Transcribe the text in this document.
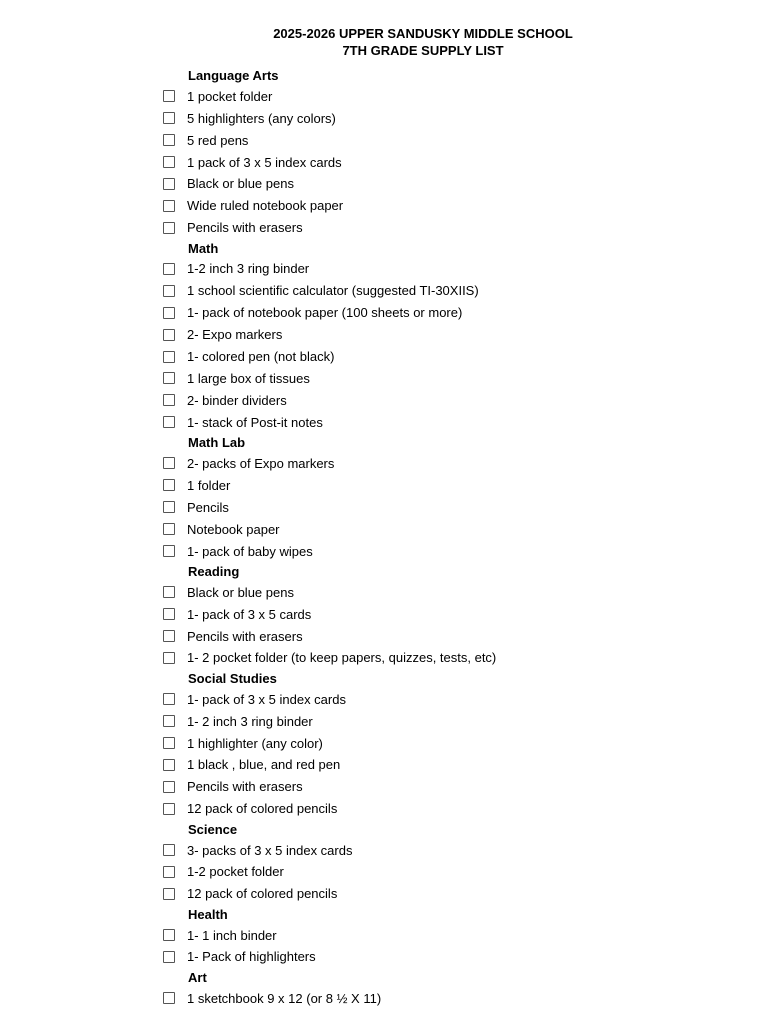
2025-2026 UPPER SANDUSKY MIDDLE SCHOOL
7TH GRADE SUPPLY LIST
Language Arts
1 pocket folder
5 highlighters (any colors)
5 red pens
1 pack of 3 x 5 index cards
Black or blue pens
Wide ruled notebook paper
Pencils with erasers
Math
1-2 inch 3 ring binder
1 school scientific calculator (suggested TI-30XIIS)
1- pack of notebook paper (100 sheets or more)
2- Expo markers
1- colored pen (not black)
1 large box of tissues
2- binder dividers
1- stack of Post-it notes
Math Lab
2- packs of Expo markers
1 folder
Pencils
Notebook paper
1- pack of baby wipes
Reading
Black or blue pens
1- pack of 3 x 5 cards
Pencils with erasers
1- 2 pocket folder (to keep papers, quizzes, tests, etc)
Social Studies
1- pack of 3 x 5 index cards
1- 2 inch 3 ring binder
1 highlighter (any color)
1 black , blue, and red pen
Pencils with erasers
12 pack of colored pencils
Science
3- packs of 3 x 5 index cards
1-2 pocket folder
12 pack of colored pencils
Health
1- 1 inch binder
1- Pack of highlighters
Art
1 sketchbook 9 x 12 (or 8 ½ X 11)
